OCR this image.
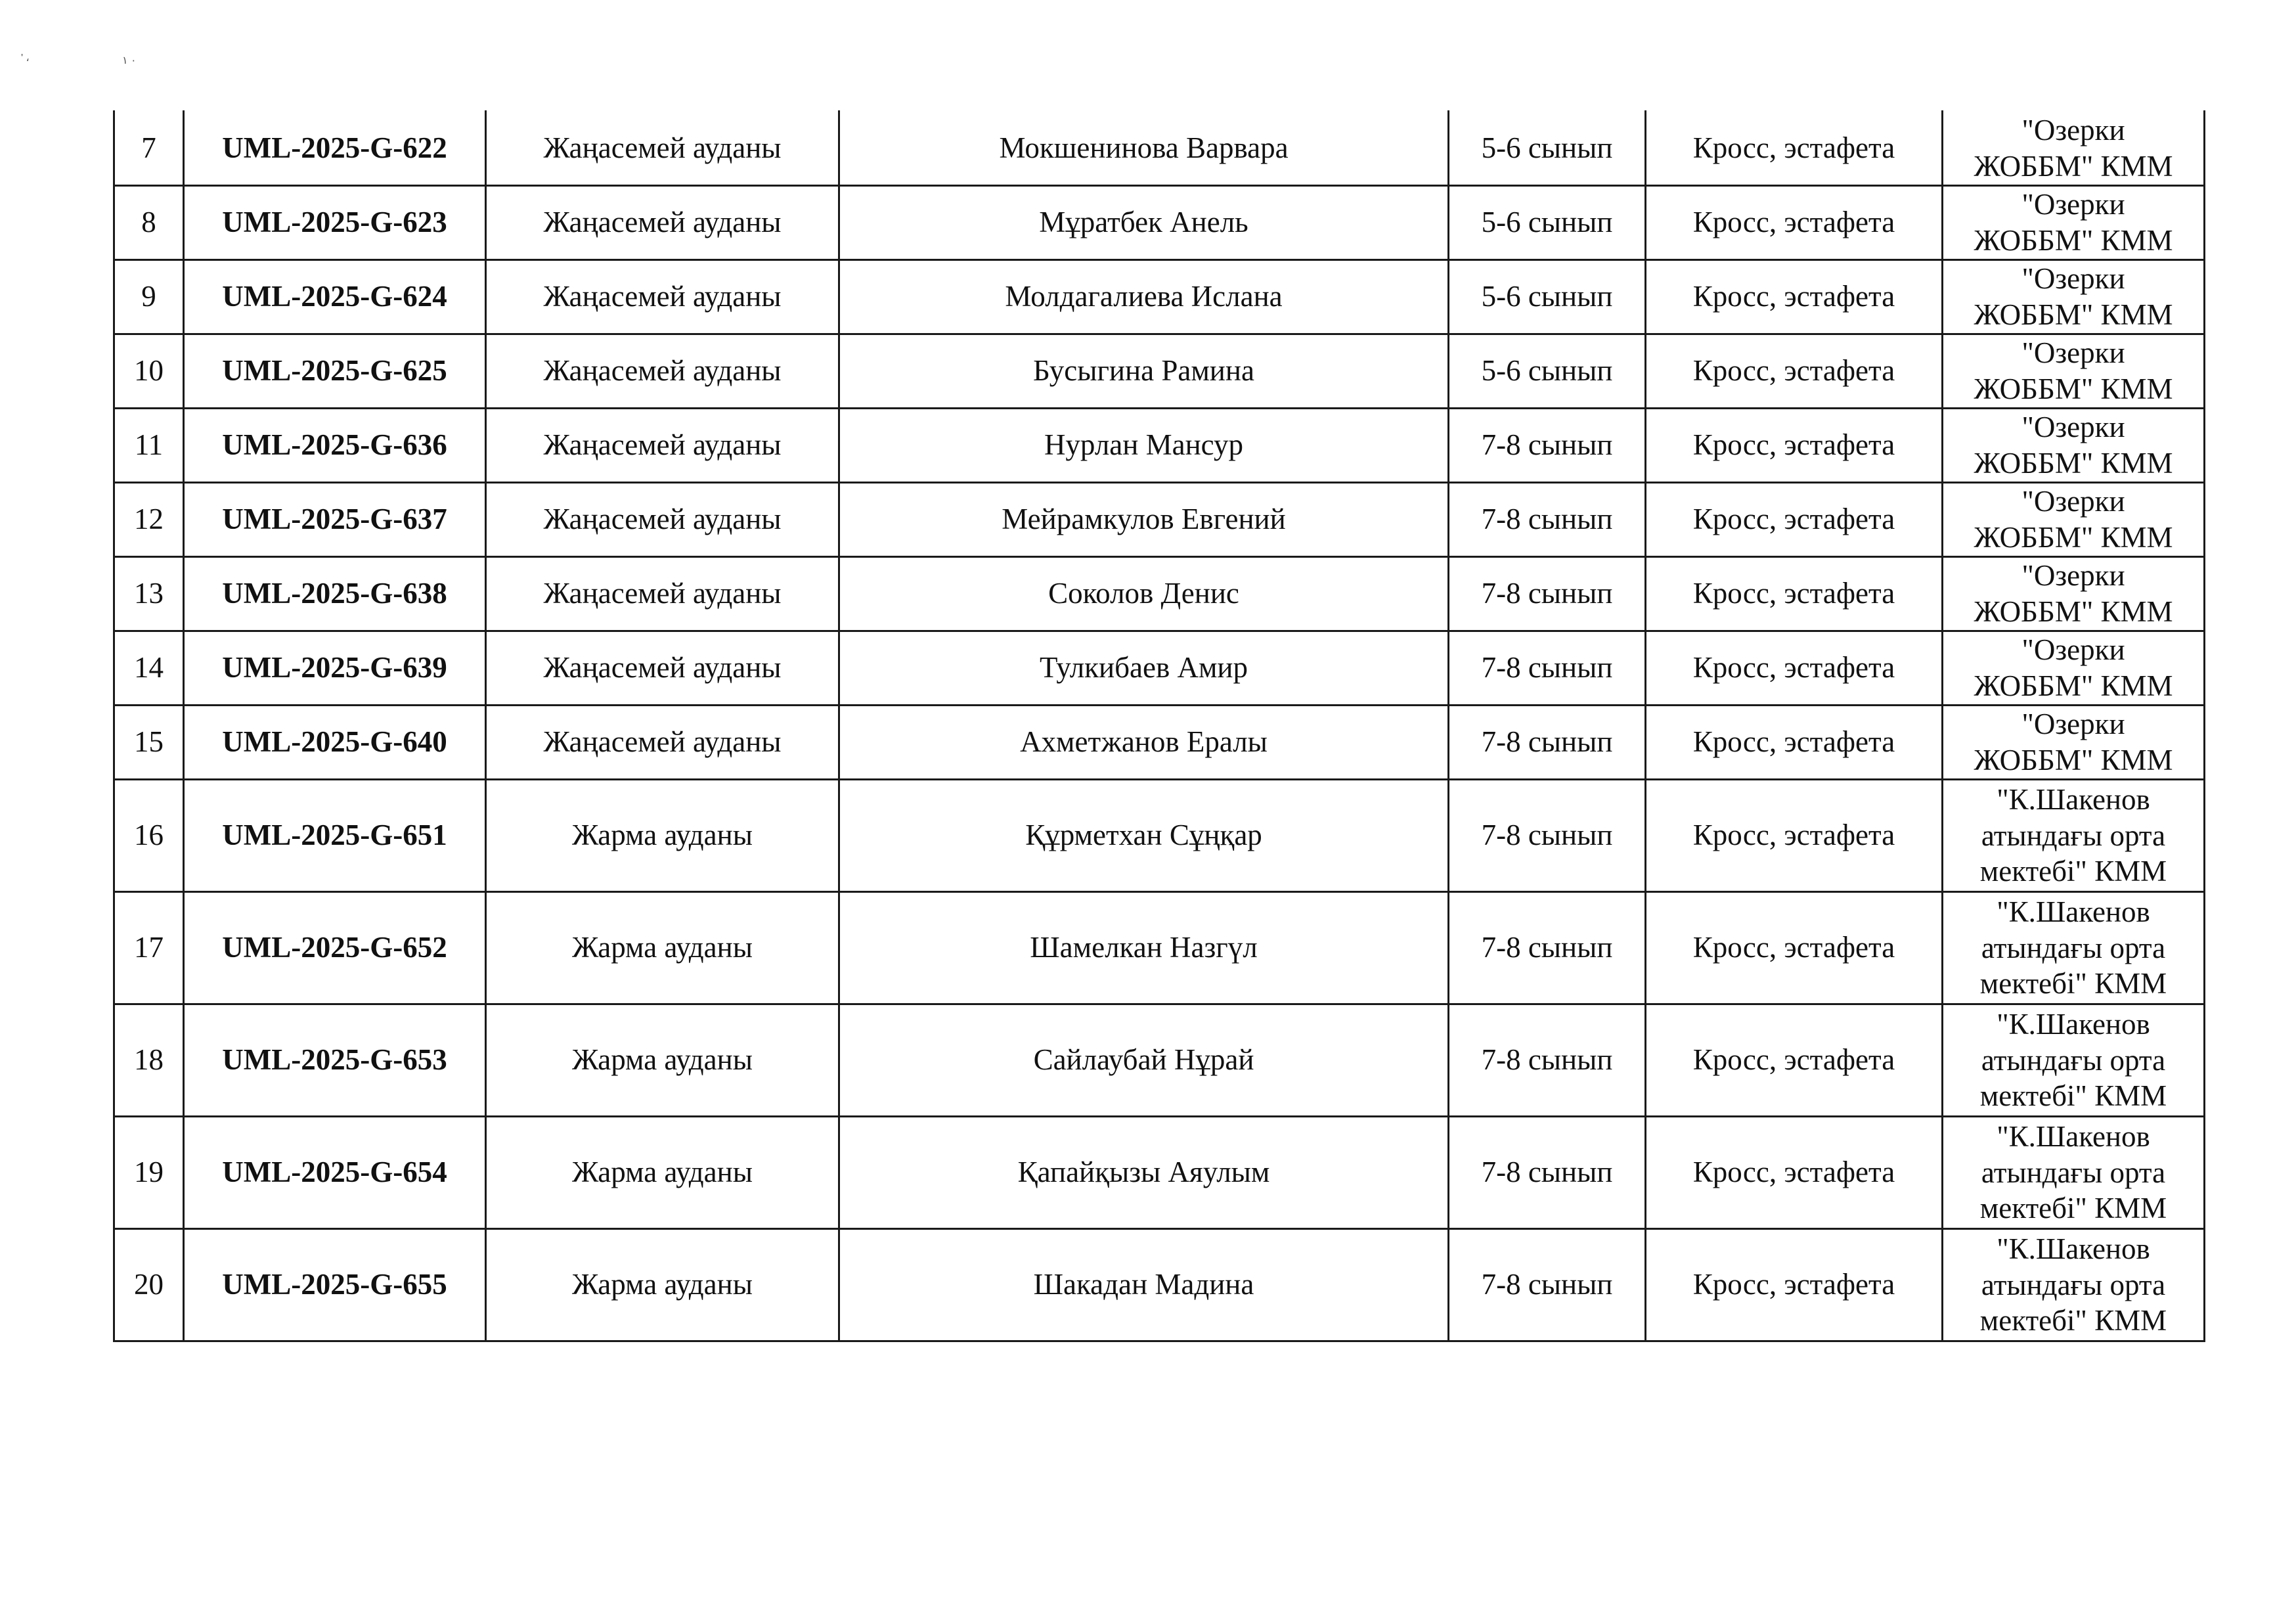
' ،	٠ ١
7	UML-2025-G-622	Жаңасемей ауданы	Мокшенинова Варвара	5-6 сынып	Кросс, эстафета	"Озерки
ЖОББМ" КММ

8	UML-2025-G-623	Жаңасемей ауданы	Мұратбек Анель	5-6 сынып	Кросс, эстафета	"Озерки
ЖОББМ" КММ

9	UML-2025-G-624	Жаңасемей ауданы	Молдагалиева Ислана	5-6 сынып	Кросс, эстафета	"Озерки
ЖОББМ" КММ

10	UML-2025-G-625	Жаңасемей ауданы	Бусыгина Рамина	5-6 сынып	Кросс, эстафета	"Озерки
ЖОББМ" КММ

11	UML-2025-G-636	Жаңасемей ауданы	Нурлан Мансур	7-8 сынып	Кросс, эстафета	"Озерки
ЖОББМ" КММ

12	UML-2025-G-637	Жаңасемей ауданы	Мейрамкулов Евгений	7-8 сынып	Кросс, эстафета	"Озерки
ЖОББМ" КММ

13	UML-2025-G-638	Жаңасемей ауданы	Соколов Денис	7-8 сынып	Кросс, эстафета	"Озерки
ЖОББМ" КММ

14	UML-2025-G-639	Жаңасемей ауданы	Тулкибаев Амир	7-8 сынып	Кросс, эстафета	"Озерки
ЖОББМ" КММ

15	UML-2025-G-640	Жаңасемей ауданы	Ахметжанов Ералы	7-8 сынып	Кросс, эстафета	"Озерки
ЖОББМ" КММ

16	UML-2025-G-651	Жарма ауданы	Құрметхан Сұңқар	7-8 сынып	Кросс, эстафета	"К.Шакенов
атындағы орта
мектебі" КММ

17	UML-2025-G-652	Жарма ауданы	Шамелкан Назгүл	7-8 сынып	Кросс, эстафета	"К.Шакенов
атындағы орта
мектебі" КММ

18	UML-2025-G-653	Жарма ауданы	Сайлаубай Нұрай	7-8 сынып	Кросс, эстафета	"К.Шакенов
атындағы орта
мектебі" КММ

19	UML-2025-G-654	Жарма ауданы	Қапайқызы Аяулым	7-8 сынып	Кросс, эстафета	"К.Шакенов
атындағы орта
мектебі" КММ

20	UML-2025-G-655	Жарма ауданы	Шакадан Мадина	7-8 сынып	Кросс, эстафета	"К.Шакенов
атындағы орта
мектебі" КММ
